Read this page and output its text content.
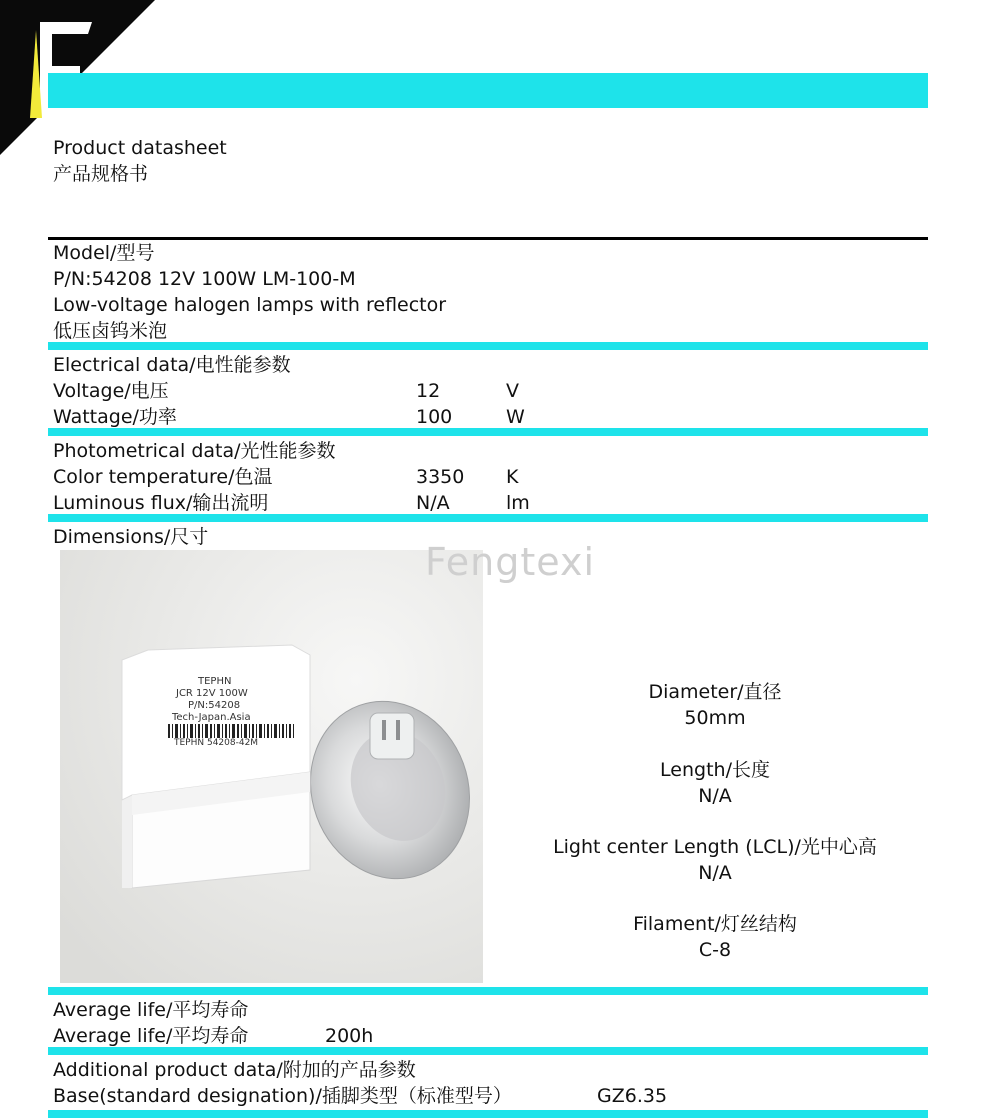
Product datasheet
产品规格书
Model/型号
P/N:54208 12V 100W LM-100-M
Low-voltage halogen lamps with reflector
低压卤钨米泡
Electrical data/电性能参数
Voltage/电压	12	V
Wattage/功率	100	W
Photometrical data/光性能参数
Color temperature/色温	3350 K
Luminous flux/输出流明	N/A	lm
Dimensions/尺寸
TEPHN
JCR 12V 100W
P/N:54208
Tech-Japan.Asia
TEPHN 54208-42M
Fengtexi
Diameter/直径
50mm
Length/长度
N/A
Light center Length (LCL)/光中心高
N/A
Filament/灯丝结构
C-8
Average life/平均寿命
Average life/平均寿命	200h
Additional product data/附加的产品参数
Base(standard designation)/插脚类型（标准型号）	GZ6.35
